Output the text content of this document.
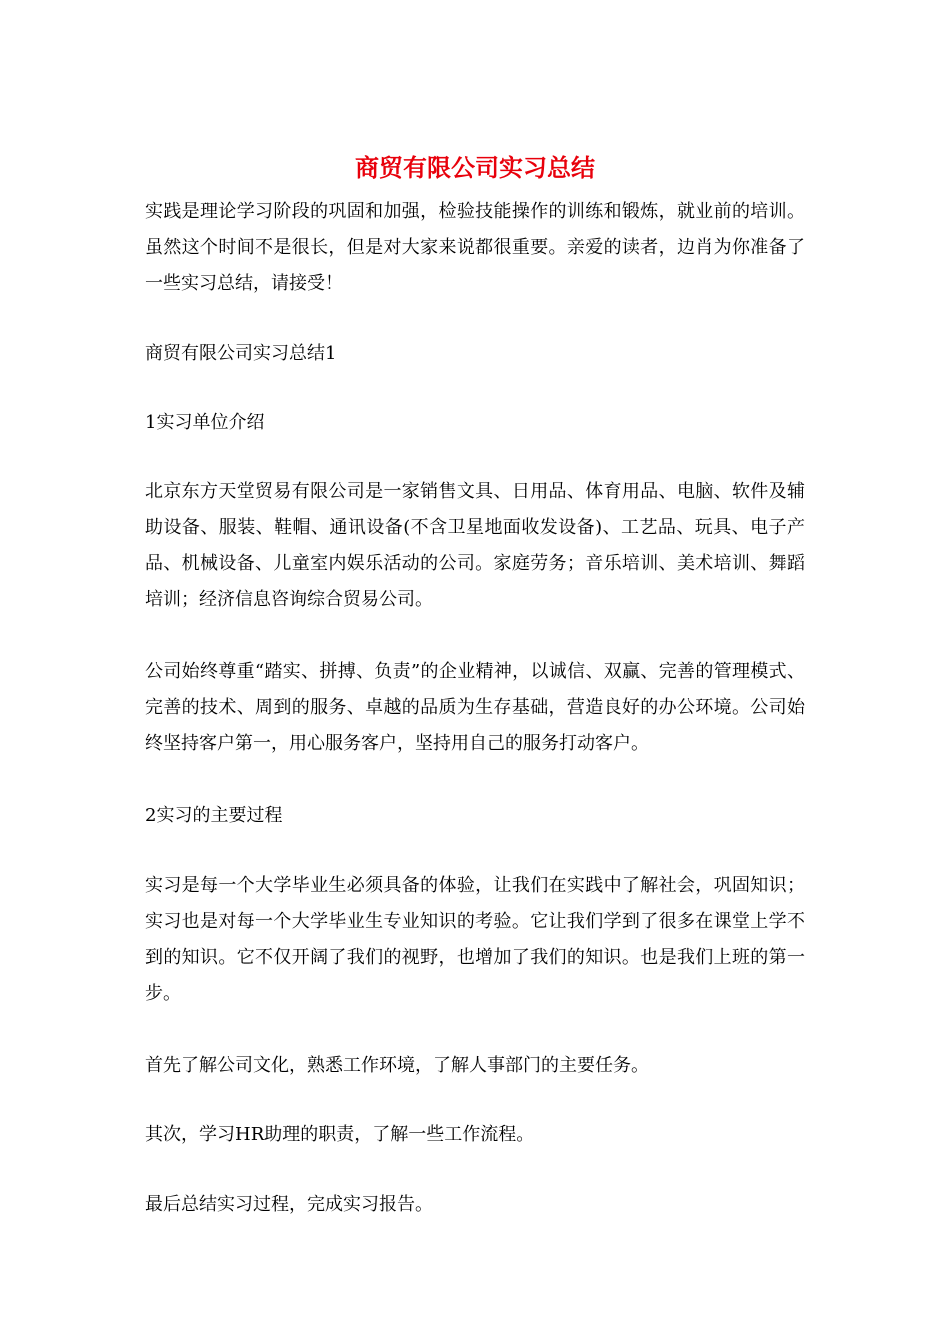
商贸有限公司实习总结

实践是理论学习阶段的巩固和加强，检验技能操作的训练和锻炼，就业前的培训。虽然这个时间不是很长，但是对大家来说都很重要。亲爱的读者，边肖为你准备了一些实习总结，请接受！

商贸有限公司实习总结1

1实习单位介绍

北京东方天堂贸易有限公司是一家销售文具、日用品、体育用品、电脑、软件及辅助设备、服装、鞋帽、通讯设备(不含卫星地面收发设备)、工艺品、玩具、电子产品、机械设备、儿童室内娱乐活动的公司。家庭劳务；音乐培训、美术培训、舞蹈培训；经济信息咨询综合贸易公司。

公司始终尊重“踏实、拼搏、负责”的企业精神，以诚信、双赢、完善的管理模式、完善的技术、周到的服务、卓越的品质为生存基础，营造良好的办公环境。公司始终坚持客户第一，用心服务客户，坚持用自己的服务打动客户。

2实习的主要过程

实习是每一个大学毕业生必须具备的体验，让我们在实践中了解社会，巩固知识；实习也是对每一个大学毕业生专业知识的考验。它让我们学到了很多在课堂上学不到的知识。它不仅开阔了我们的视野，也增加了我们的知识。也是我们上班的第一步。

首先了解公司文化，熟悉工作环境，了解人事部门的主要任务。

其次，学习HR助理的职责，了解一些工作流程。

最后总结实习过程，完成实习报告。
